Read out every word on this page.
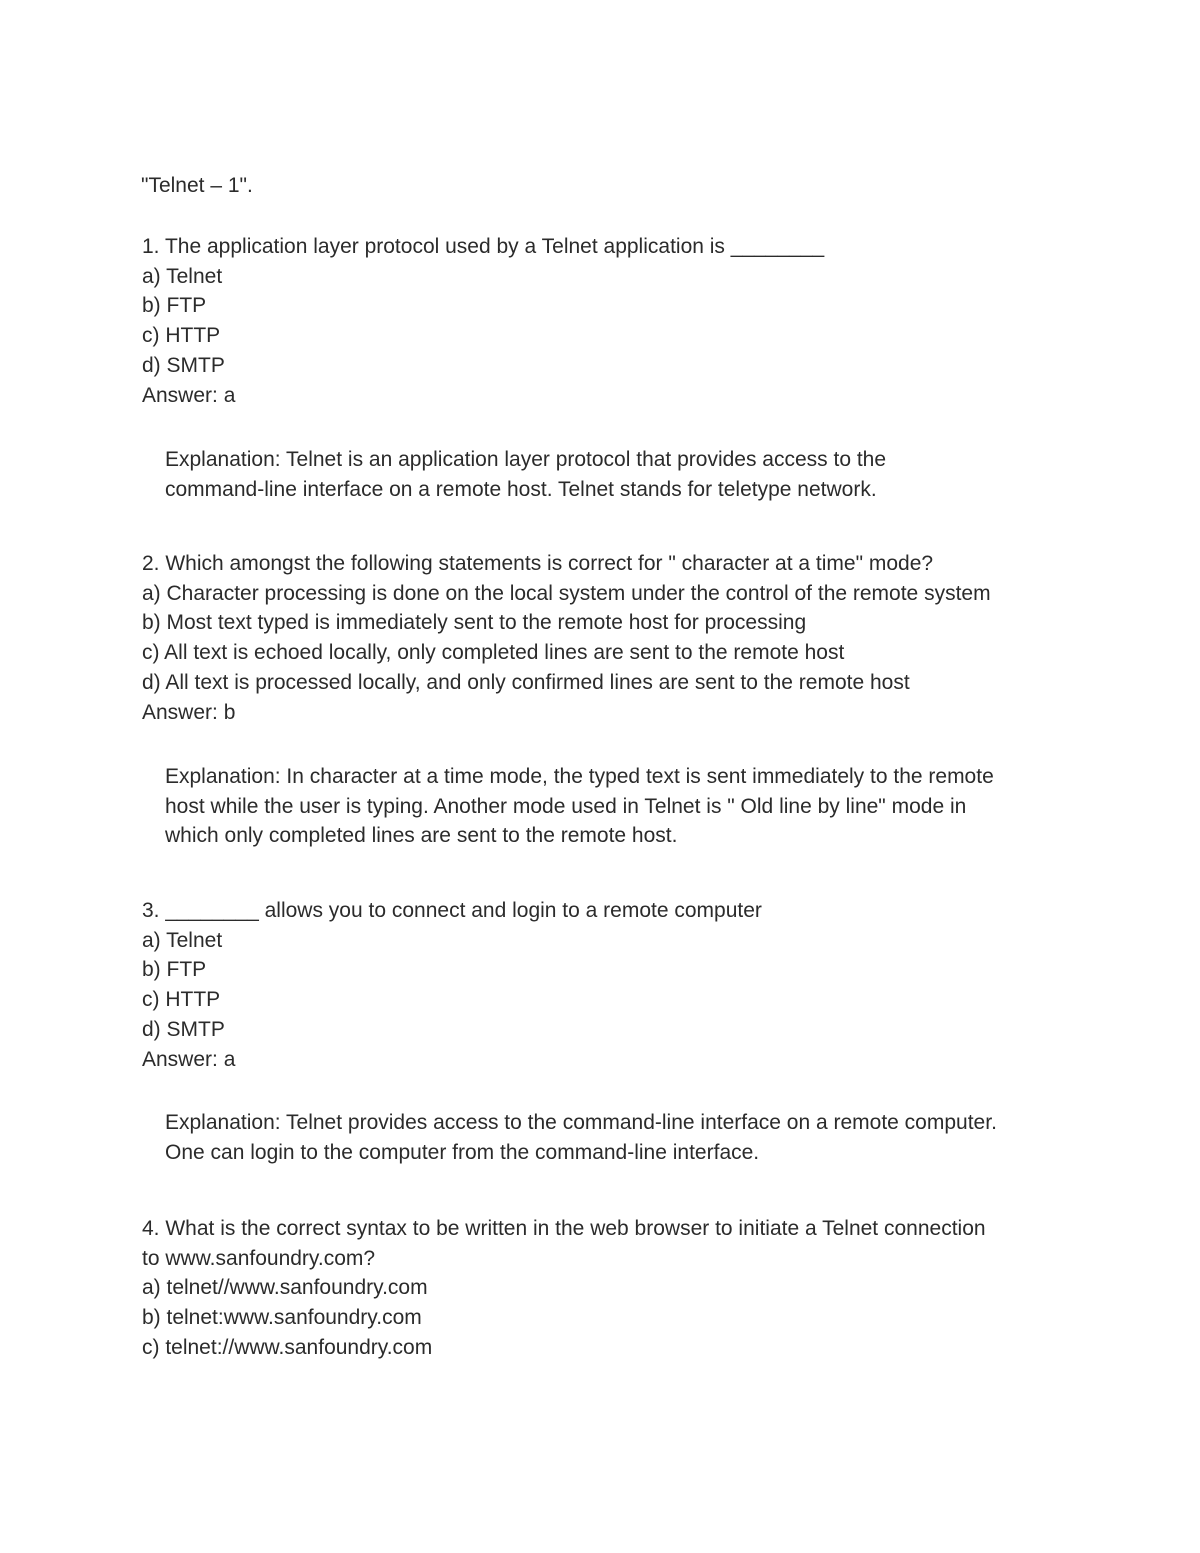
"Telnet – 1".
1. The application layer protocol used by a Telnet application is ________
a) Telnet
b) FTP
c) HTTP
d) SMTP
Answer: a
Explanation: Telnet is an application layer protocol that provides access to the
command-line interface on a remote host. Telnet stands for teletype network.
2. Which amongst the following statements is correct for " character at a time" mode?
a) Character processing is done on the local system under the control of the remote system
b) Most text typed is immediately sent to the remote host for processing
c) All text is echoed locally, only completed lines are sent to the remote host
d) All text is processed locally, and only confirmed lines are sent to the remote host
Answer: b
Explanation: In character at a time mode, the typed text is sent immediately to the remote
host while the user is typing. Another mode used in Telnet is " Old line by line" mode in
which only completed lines are sent to the remote host.
3. ________ allows you to connect and login to a remote computer
a) Telnet
b) FTP
c) HTTP
d) SMTP
Answer: a
Explanation: Telnet provides access to the command-line interface on a remote computer.
One can login to the computer from the command-line interface.
4. What is the correct syntax to be written in the web browser to initiate a Telnet connection
to www.sanfoundry.com?
a) telnet//www.sanfoundry.com
b) telnet:www.sanfoundry.com
c) telnet://www.sanfoundry.com
